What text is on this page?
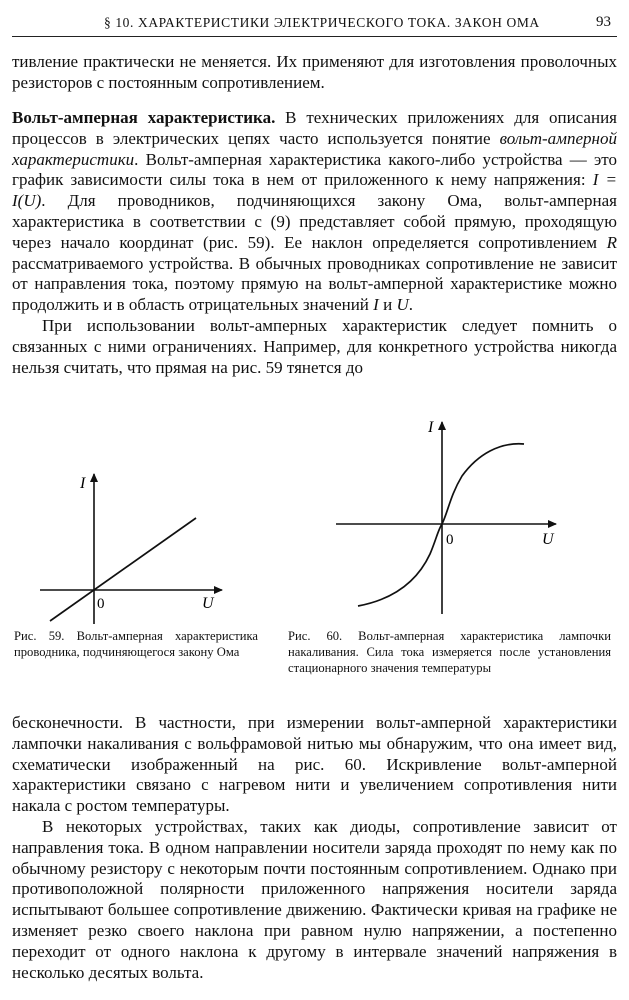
§ 10. ХАРАКТЕРИСТИКИ ЭЛЕКТРИЧЕСКОГО ТОКА. ЗАКОН ОМА	93

тивление практически не меняется. Их применяют для изготовления проволочных резисторов с постоянным сопротивлением.

Вольт-амперная характеристика. В технических приложениях для описания процессов в электрических цепях часто используется понятие вольт-амперной характеристики. Вольт-амперная характеристика какого-либо устройства — это график зависимости силы тока в нем от приложенного к нему напряжения: I = I(U). Для проводников, подчиняющихся закону Ома, вольт-амперная характеристика в соответствии с (9) представляет собой прямую, проходящую через начало координат (рис. 59). Ее наклон определяется сопротивлением R рассматриваемого устройства. В обычных проводниках сопротивление не зависит от направления тока, поэтому прямую на вольт-амперной характеристике можно продолжить и в область отрицательных значений I и U.

При использовании вольт-амперных характеристик следует помнить о связанных с ними ограничениях. Например, для конкретного устройства никогда нельзя считать, что прямая на рис. 59 тянется до

I
U
0
I
U
0
Рис. 59. Вольт-амперная характеристика проводника, подчиняющегося закону Ома
Рис. 60. Вольт-амперная характеристика лампочки накаливания. Сила тока измеряется после установления стационарного значения температуры

бесконечности. В частности, при измерении вольт-амперной характеристики лампочки накаливания с вольфрамовой нитью мы обнаружим, что она имеет вид, схематически изображенный на рис. 60. Искривление вольт-амперной характеристики связано с нагревом нити и увеличением сопротивления нити накала с ростом температуры.

В некоторых устройствах, таких как диоды, сопротивление зависит от направления тока. В одном направлении носители заряда проходят по нему как по обычному резистору с некоторым почти постоянным сопротивлением. Однако при противоположной полярности приложенного напряжения носители заряда испытывают большее сопротивление движению. Фактически кривая на графике не изменяет резко своего наклона при равном нулю напряжении, а постепенно переходит от одного наклона к другому в интервале значений напряжения в несколько десятых вольта.
